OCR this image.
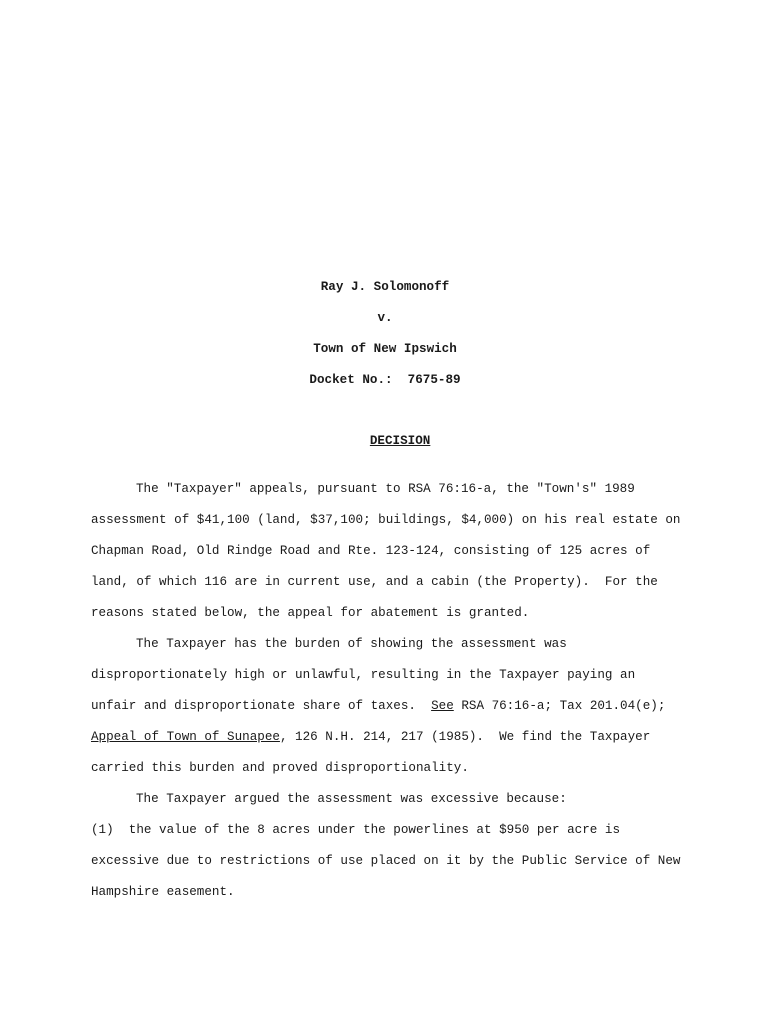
Ray J. Solomonoff
v.
Town of New Ipswich
Docket No.:  7675-89

DECISION

The "Taxpayer" appeals, pursuant to RSA 76:16-a, the "Town's" 1989
assessment of $41,100 (land, $37,100; buildings, $4,000) on his real estate on
Chapman Road, Old Rindge Road and Rte. 123-124, consisting of 125 acres of
land, of which 116 are in current use, and a cabin (the Property).  For the
reasons stated below, the appeal for abatement is granted.
The Taxpayer has the burden of showing the assessment was
disproportionately high or unlawful, resulting in the Taxpayer paying an
unfair and disproportionate share of taxes.  See RSA 76:16-a; Tax 201.04(e);
Appeal of Town of Sunapee, 126 N.H. 214, 217 (1985).  We find the Taxpayer
carried this burden and proved disproportionality.
The Taxpayer argued the assessment was excessive because:
(1)  the value of the 8 acres under the powerlines at $950 per acre is
excessive due to restrictions of use placed on it by the Public Service of New
Hampshire easement.
